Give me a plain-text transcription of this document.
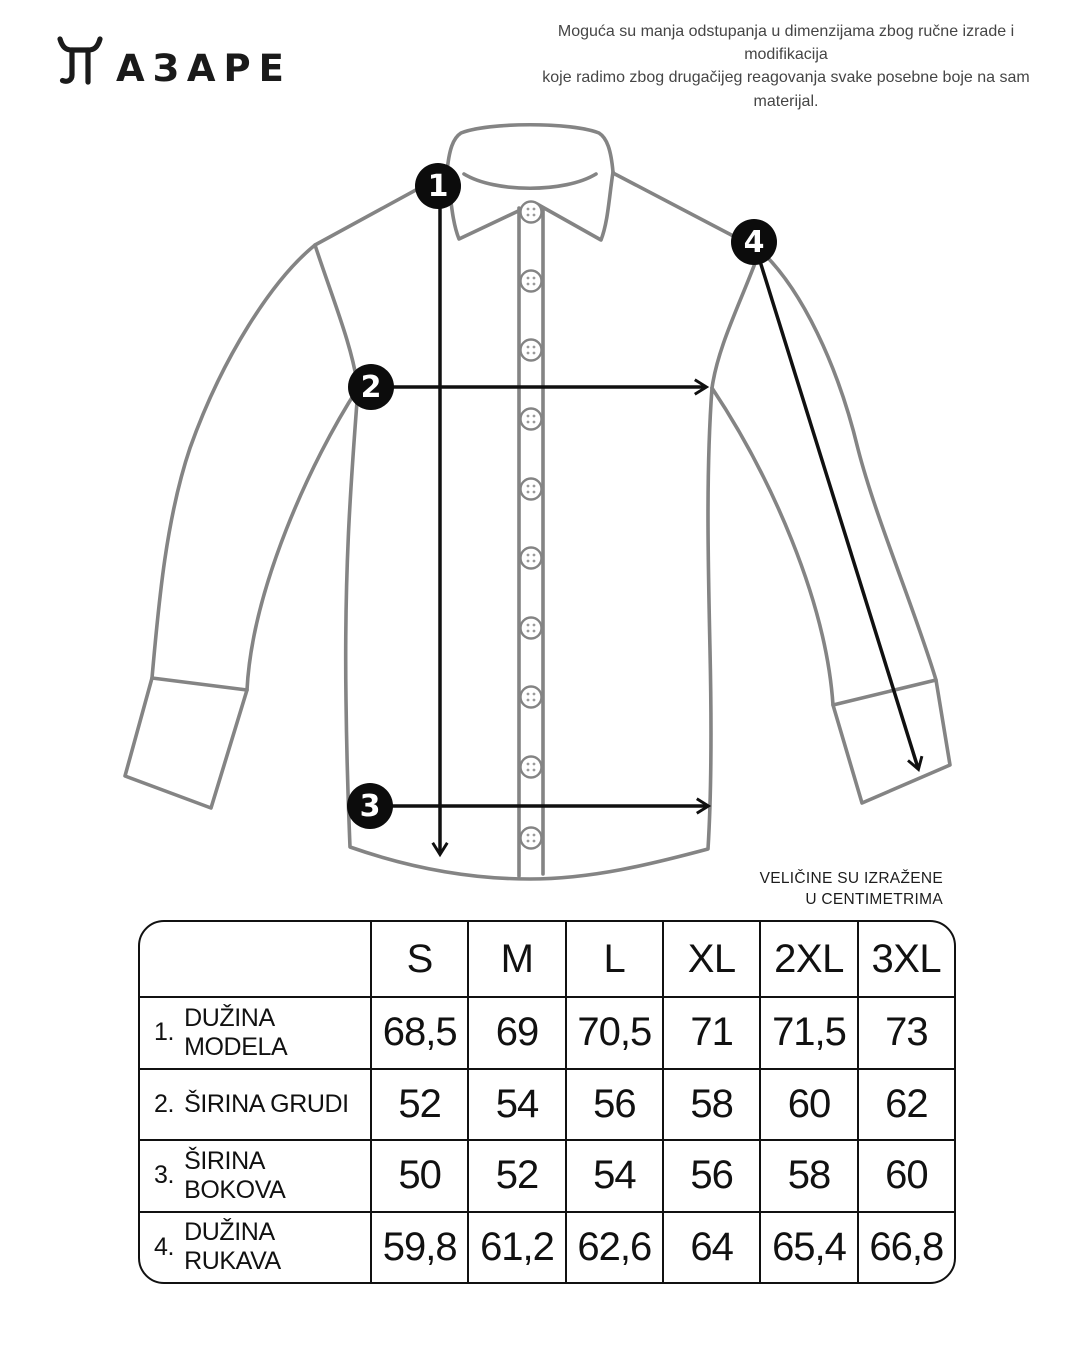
АЗАРЕ
Moguća su manja odstupanja u dimenzijama zbog ručne izrade i modifikacija
koje radimo zbog drugačijeg reagovanja svake posebne boje na sam materijal.
1
2
3
4
VELIČINE SU IZRAŽENE
U CENTIMETRIMA
S	M	L	XL 2XL 3XL
1.
DUŽINA MODELA	68,5 69 70,5 71 71,5 73
2. ŠIRINA GRUDI	52	54	56	58	60	62
3.
ŠIRINA BOKOVA	50	52	54	56	58	60
4.
DUŽINA RUKAVA	59,8 61,2 62,6 64 65,4 66,8
